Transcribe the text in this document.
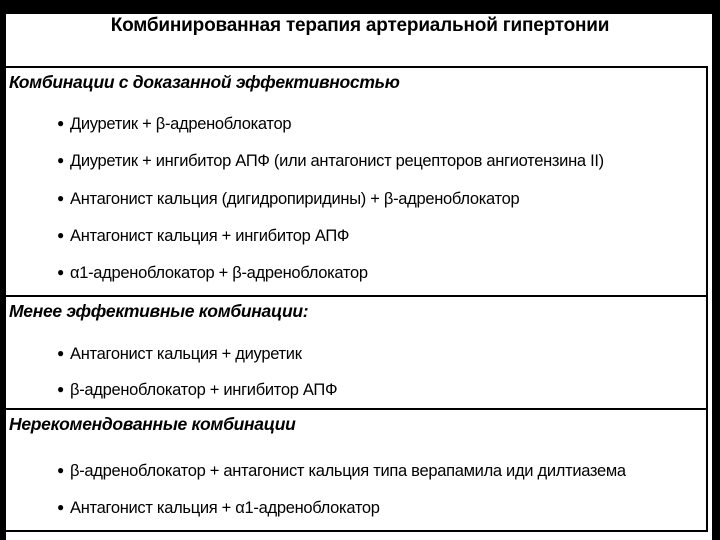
Комбинированная терапия артериальной гипертонии
Комбинации с доказанной эффективностью
● Диуретик + β-адреноблокатор
● Диуретик + ингибитор АПФ (или антагонист рецепторов ангиотензина II)
● Антагонист кальция (дигидропиридины) + β-адреноблокатор
● Антагонист кальция + ингибитор АПФ
● α1-адреноблокатор + β-адреноблокатор
Менее эффективные комбинации:
● Антагонист кальция + диуретик
● β-адреноблокатор + ингибитор АПФ
Нерекомендованные комбинации
● β-адреноблокатор + антагонист кальция типа верапамила иди дилтиазема
● Антагонист кальция + α1-адреноблокатор
